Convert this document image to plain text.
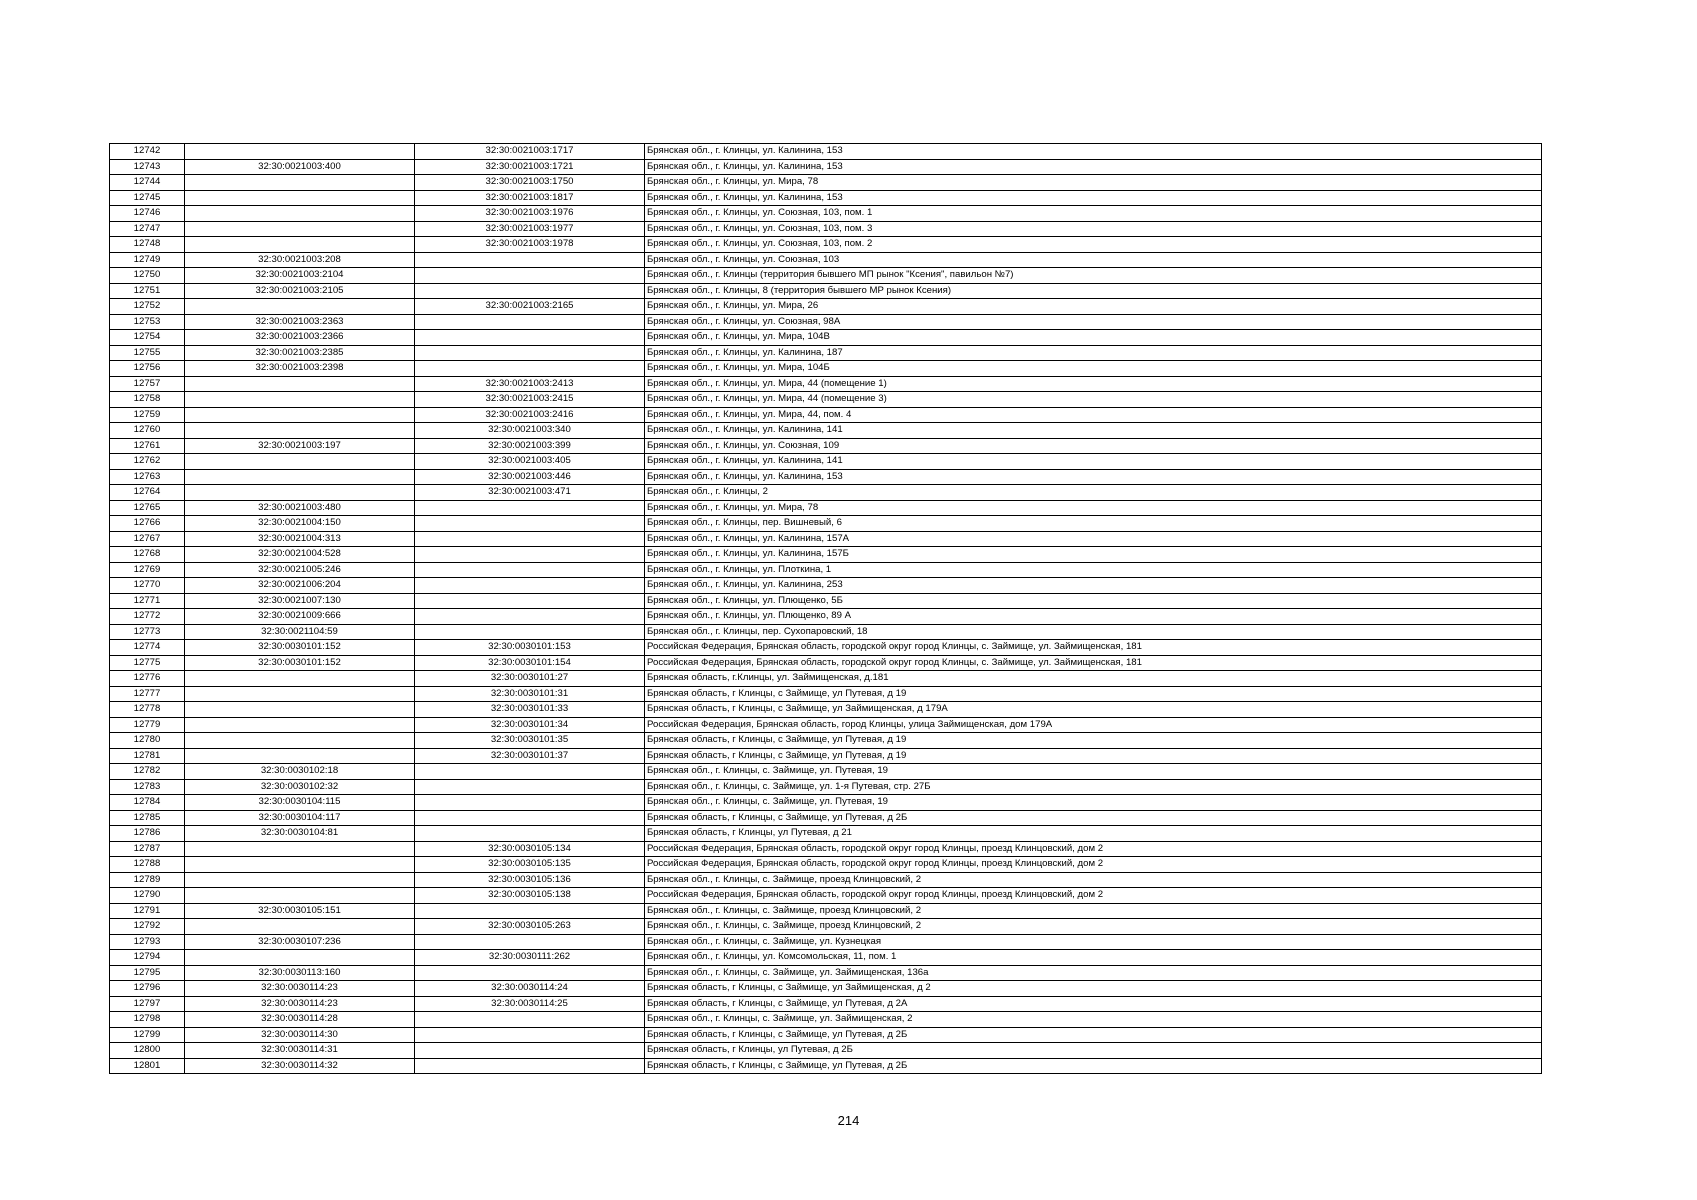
12742		32:30:0021003:1717	Брянская обл., г. Клинцы, ул. Калинина, 153
12743	32:30:0021003:400	32:30:0021003:1721	Брянская обл., г. Клинцы, ул. Калинина, 153
12744		32:30:0021003:1750	Брянская обл., г. Клинцы, ул. Мира, 78
12745		32:30:0021003:1817	Брянская обл., г. Клинцы, ул. Калинина, 153
12746		32:30:0021003:1976	Брянская обл., г. Клинцы, ул. Союзная, 103, пом. 1
12747		32:30:0021003:1977	Брянская обл., г. Клинцы, ул. Союзная, 103, пом. 3
12748		32:30:0021003:1978	Брянская обл., г. Клинцы, ул. Союзная, 103, пом. 2
12749	32:30:0021003:208		Брянская обл., г. Клинцы, ул. Союзная, 103
12750	32:30:0021003:2104		Брянская обл., г. Клинцы (территория бывшего МП рынок "Ксения", павильон №7)
12751	32:30:0021003:2105		Брянская обл., г. Клинцы, 8 (территория бывшего МР рынок Ксения)
12752		32:30:0021003:2165	Брянская обл., г. Клинцы, ул. Мира, 26
12753	32:30:0021003:2363		Брянская обл., г. Клинцы, ул. Союзная, 98А
12754	32:30:0021003:2366		Брянская обл., г. Клинцы, ул. Мира, 104В
12755	32:30:0021003:2385		Брянская обл., г. Клинцы, ул. Калинина, 187
12756	32:30:0021003:2398		Брянская обл., г. Клинцы, ул. Мира, 104Б
12757		32:30:0021003:2413	Брянская обл., г. Клинцы, ул. Мира, 44 (помещение 1)
12758		32:30:0021003:2415	Брянская обл., г. Клинцы, ул. Мира, 44 (помещение 3)
12759		32:30:0021003:2416	Брянская обл., г. Клинцы, ул. Мира, 44, пом. 4
12760		32:30:0021003:340	Брянская обл., г. Клинцы, ул. Калинина, 141
12761	32:30:0021003:197	32:30:0021003:399	Брянская обл., г. Клинцы, ул. Союзная, 109
12762		32:30:0021003:405	Брянская обл., г. Клинцы, ул. Калинина, 141
12763		32:30:0021003:446	Брянская обл., г. Клинцы, ул. Калинина, 153
12764		32:30:0021003:471	Брянская обл., г. Клинцы, 2
12765	32:30:0021003:480		Брянская обл., г. Клинцы, ул. Мира, 78
12766	32:30:0021004:150		Брянская обл., г. Клинцы, пер. Вишневый, 6
12767	32:30:0021004:313		Брянская обл., г. Клинцы, ул. Калинина, 157А
12768	32:30:0021004:528		Брянская обл., г. Клинцы, ул. Калинина, 157Б
12769	32:30:0021005:246		Брянская обл., г. Клинцы, ул. Плоткина, 1
12770	32:30:0021006:204		Брянская обл., г. Клинцы, ул. Калинина, 253
12771	32:30:0021007:130		Брянская обл., г. Клинцы, ул. Плющенко, 5Б
12772	32:30:0021009:666		Брянская обл., г. Клинцы, ул. Плющенко, 89 А
12773	32:30:0021104:59		Брянская обл., г. Клинцы, пер. Сухопаровский, 18
12774	32:30:0030101:152	32:30:0030101:153	Российская Федерация, Брянская область, городской округ город Клинцы, с. Займище, ул. Займищенская, 181
12775	32:30:0030101:152	32:30:0030101:154	Российская Федерация, Брянская область, городской округ город Клинцы, с. Займище, ул. Займищенская, 181
12776		32:30:0030101:27	Брянская область, г.Клинцы, ул. Займищенская, д.181
12777		32:30:0030101:31	Брянская область, г Клинцы, с Займище, ул Путевая, д 19
12778		32:30:0030101:33	Брянская область, г Клинцы, с Займище, ул Займищенская, д 179А
12779		32:30:0030101:34	Российская Федерация, Брянская область, город Клинцы, улица Займищенская, дом 179А
12780		32:30:0030101:35	Брянская область, г Клинцы, с Займище, ул Путевая, д 19
12781		32:30:0030101:37	Брянская область, г Клинцы, с Займище, ул Путевая, д 19
12782	32:30:0030102:18		Брянская обл., г. Клинцы, с. Займище, ул. Путевая, 19
12783	32:30:0030102:32		Брянская обл., г. Клинцы, с. Займище, ул. 1-я Путевая, стр. 27Б
12784	32:30:0030104:115		Брянская обл., г. Клинцы, с. Займище, ул. Путевая, 19
12785	32:30:0030104:117		Брянская область, г Клинцы, с Займище, ул Путевая, д 2Б
12786	32:30:0030104:81		Брянская область, г Клинцы, ул Путевая, д 21
12787		32:30:0030105:134	Российская Федерация, Брянская область, городской округ город Клинцы, проезд Клинцовский, дом 2
12788		32:30:0030105:135	Российская Федерация, Брянская область, городской округ город Клинцы, проезд Клинцовский, дом 2
12789		32:30:0030105:136	Брянская обл., г. Клинцы, с. Займище, проезд Клинцовский, 2
12790		32:30:0030105:138	Российская Федерация, Брянская область, городской округ город Клинцы, проезд Клинцовский, дом 2
12791	32:30:0030105:151		Брянская обл., г. Клинцы, с. Займище, проезд Клинцовский, 2
12792		32:30:0030105:263	Брянская обл., г. Клинцы, с. Займище, проезд Клинцовский, 2
12793	32:30:0030107:236		Брянская обл., г. Клинцы, с. Займище, ул. Кузнецкая
12794		32:30:0030111:262	Брянская обл., г. Клинцы, ул. Комсомольская, 11, пом. 1
12795	32:30:0030113:160		Брянская обл., г. Клинцы, с. Займище, ул. Займищенская, 136а
12796	32:30:0030114:23	32:30:0030114:24	Брянская область, г Клинцы, с Займище, ул Займищенская, д 2
12797	32:30:0030114:23	32:30:0030114:25	Брянская область, г Клинцы, с Займище, ул Путевая, д 2А
12798	32:30:0030114:28		Брянская обл., г. Клинцы, с. Займище, ул. Займищенская, 2
12799	32:30:0030114:30		Брянская область, г Клинцы, с Займище, ул Путевая, д 2Б
12800	32:30:0030114:31		Брянская область, г Клинцы, ул Путевая, д 2Б
12801	32:30:0030114:32		Брянская область, г Клинцы, с Займище, ул Путевая, д 2Б
214
